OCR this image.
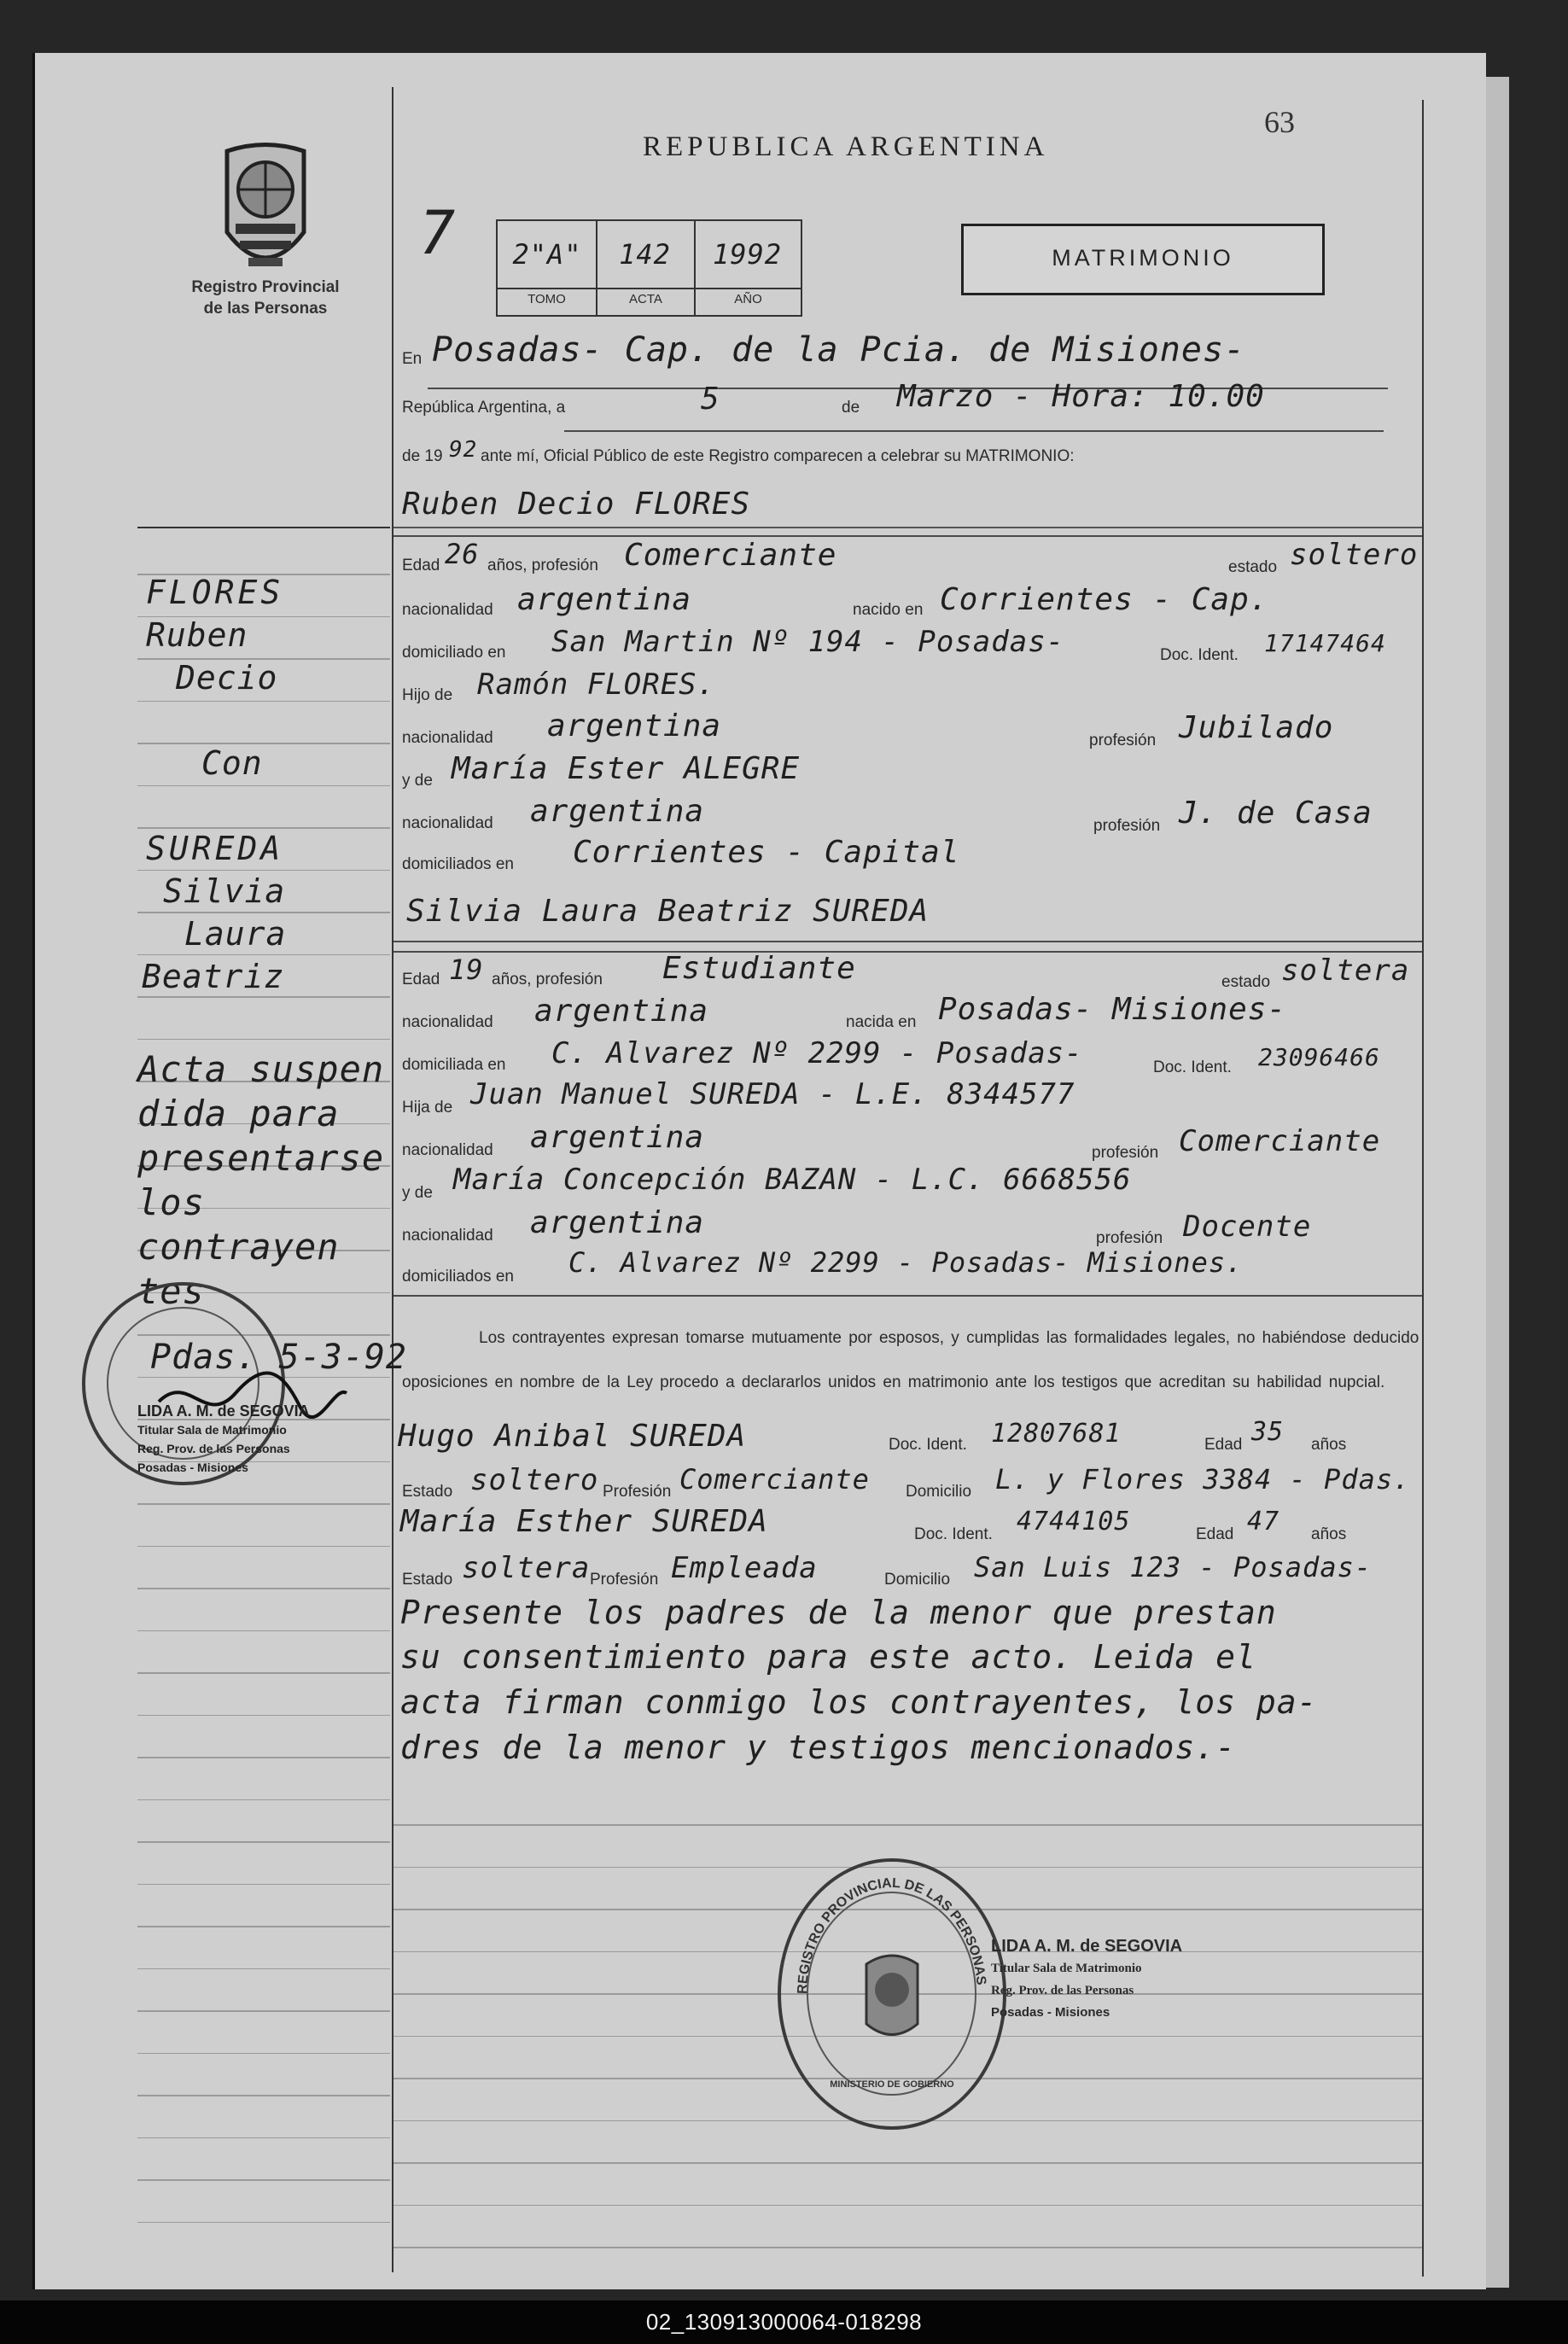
63
Registro Provincial
de las Personas
REPUBLICA ARGENTINA
7 2"A"	142	1992
TOMO	ACTA	AÑO
MATRIMONIO
En Posadas- Cap. de la Pcia. de Misiones-
República Argentina, a	5	de Marzo - Hora: 10.00
de 19 92 ante mí, Oficial Público de este Registro comparecen a celebrar su MATRIMONIO:
Ruben Decio FLORES
Edad 26 años, profesión Comerciante	estado soltero
nacionalidad argentina	nacido en Corrientes - Cap.
domiciliado en San Martin Nº 194 - Posadas-	Doc. Ident. 17147464
Hijo de Ramón FLORES.
nacionalidad argentina	profesión Jubilado
y de María Ester ALEGRE
nacionalidad argentina	profesión J. de Casa
domiciliados en Corrientes - Capital
Silvia Laura Beatriz SUREDA
Edad 19 años, profesión Estudiante	estado soltera
nacionalidad argentina	nacida en Posadas- Misiones-
domiciliada en C. Alvarez Nº 2299 - Posadas-	Doc. Ident. 23096466
Hija de Juan Manuel SUREDA - L.E. 8344577
nacionalidad argentina	profesión Comerciante
y de María Concepción BAZAN - L.C. 6668556
nacionalidad argentina	profesión Docente
domiciliados en C. Alvarez Nº 2299 - Posadas- Misiones.
Los contrayentes expresan tomarse mutuamente por esposos, y cumplidas las formalidades legales, no habiéndose deducido oposiciones en nombre de la Ley procedo a declararlos unidos en matrimonio ante los testigos que acreditan su habilidad nupcial.
Hugo Anibal SUREDA	Doc. Ident. 12807681	Edad 35 años
Estado soltero Profesión Comerciante Domicilio L. y Flores 3384 - Pdas.
María Esther SUREDA	Doc. Ident. 4744105	Edad 47 años
Estado soltera Profesión Empleada	Domicilio San Luis 123 - Posadas-
Presente los padres de la menor que prestan
su consentimiento para este acto. Leida el
acta firman conmigo los contrayentes, los pa-
dres de la menor y testigos mencionados.-
FLORES
Ruben
Decio
Con
SUREDA
Silvia
Laura
Beatriz
Acta suspen
dida para
presentarse
los contrayen
tes
Pdas. 5-3-92
LIDA A. M. de SEGOVIA
Titular Sala de Matrimonio
Reg. Prov. de las Personas
Posadas - Misiones
REGISTRO PROVINCIAL DE LAS PERSONAS
MINISTERIO DE GOBIERNO
LIDA A. M. de SEGOVIA
Titular Sala de Matrimonio
Reg. Prov. de las Personas
Posadas - Misiones
02_130913000064-018298
